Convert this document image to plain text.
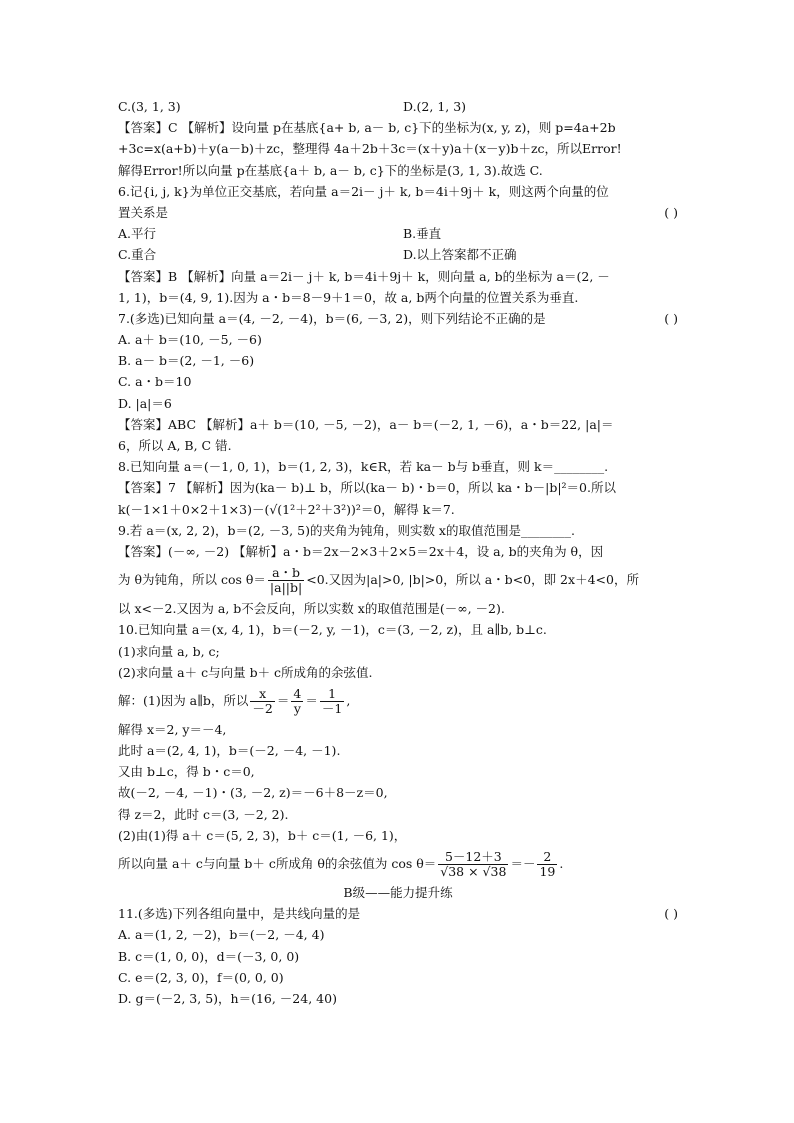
C.(3, 1, 3)	D.(2, 1, 3)
【答案】C 【解析】设向量 p在基底{a+ b, a－ b, c}下的坐标为(x, y, z)，则 p=4a+2b
+3c=x(a+b)＋y(a－b)＋zc，整理得 4a＋2b＋3c＝(x＋y)a＋(x－y)b＋zc，所以Error!
解得Error!所以向量 p在基底{a＋ b, a－ b, c}下的坐标是(3, 1, 3).故选 C.
6.记{i, j, k}为单位正交基底，若向量 a＝2i－ j＋ k, b＝4i＋9j＋ k，则这两个向量的位
置关系是	( )
A.平行	B.垂直
C.重合	D.以上答案都不正确
【答案】B 【解析】向量 a＝2i－ j＋ k, b＝4i＋9j＋ k，则向量 a, b的坐标为 a＝(2, －
1, 1)，b＝(4, 9, 1).因为 a・b＝8－9＋1＝0，故 a, b两个向量的位置关系为垂直.
7.(多选)已知向量 a＝(4, －2, －4)，b＝(6, －3, 2)，则下列结论不正确的是	( )
A. a＋ b＝(10, －5, －6)
B. a－ b＝(2, －1, －6)
C. a・b＝10
D. |a|＝6
【答案】ABC 【解析】a＋ b＝(10, －5, －2)，a－ b＝(－2, 1, －6)，a・b＝22, |a|＝
6，所以 A, B, C 错.
8.已知向量 a＝(－1, 0, 1)，b＝(1, 2, 3)，k∈R，若 ka－ b与 b垂直，则 k＝________.
【答案】7 【解析】因为(ka－ b)⊥ b，所以(ka－ b)・b＝0，所以 ka・b－|b|²＝0.所以
k(－1×1＋0×2＋1×3)－(√(1²＋2²＋3²))²＝0，解得 k＝7.
9.若 a＝(x, 2, 2)，b＝(2, －3, 5)的夹角为钝角，则实数 x的取值范围是________.
【答案】(－∞, －2) 【解析】a・b＝2x－2×3＋2×5＝2x＋4，设 a, b的夹角为 θ，因
为 θ为钝角，所以 $\cos \theta= \frac{a・b}{|a||b|} <0$.又因为|a|>0, |b|>0，所以 a・b<0，即 2x＋4<0，所
以 x<－2.又因为 a, b不会反向，所以实数 x的取值范围是(－∞, －2).
10.已知向量 a＝(x, 4, 1)，b＝(－2, y, －1)，c＝(3, －2, z)，且 a∥b, b⊥c.
(1)求向量 a, b, c;
(2)求向量 a＋ c与向量 b＋ c所成角的余弦值.
解：(1)因为 a∥b，所以 $\frac{x}{-2} = \frac{4}{y} = \frac{1}{-1}$ ,
解得 x＝2, y＝－4,
此时 a＝(2, 4, 1)，b＝(－2, －4, －1).
又由 b⊥c，得 b・c＝0,
故(－2, －4, －1)・(3, －2, z)＝－6＋8－z＝0,
得 z＝2，此时 c＝(3, －2, 2).
(2)由(1)得 a＋ c＝(5, 2, 3)，b＋ c＝(1, －6, 1)，
所以向量 a＋ c与向量 b＋ c所成角 θ的余弦值为 $\cos \theta= \frac{5-12+3}{√38 \times √38} =- \frac{2}{19}$ .
B级——能力提升练
11.(多选)下列各组向量中，是共线向量的是	( )
A. a＝(1, 2, －2)，b＝(－2, －4, 4)
B. c＝(1, 0, 0)，d＝(－3, 0, 0)
C. e＝(2, 3, 0)，f＝(0, 0, 0)
D. g＝(－2, 3, 5)，h＝(16, －24, 40)
